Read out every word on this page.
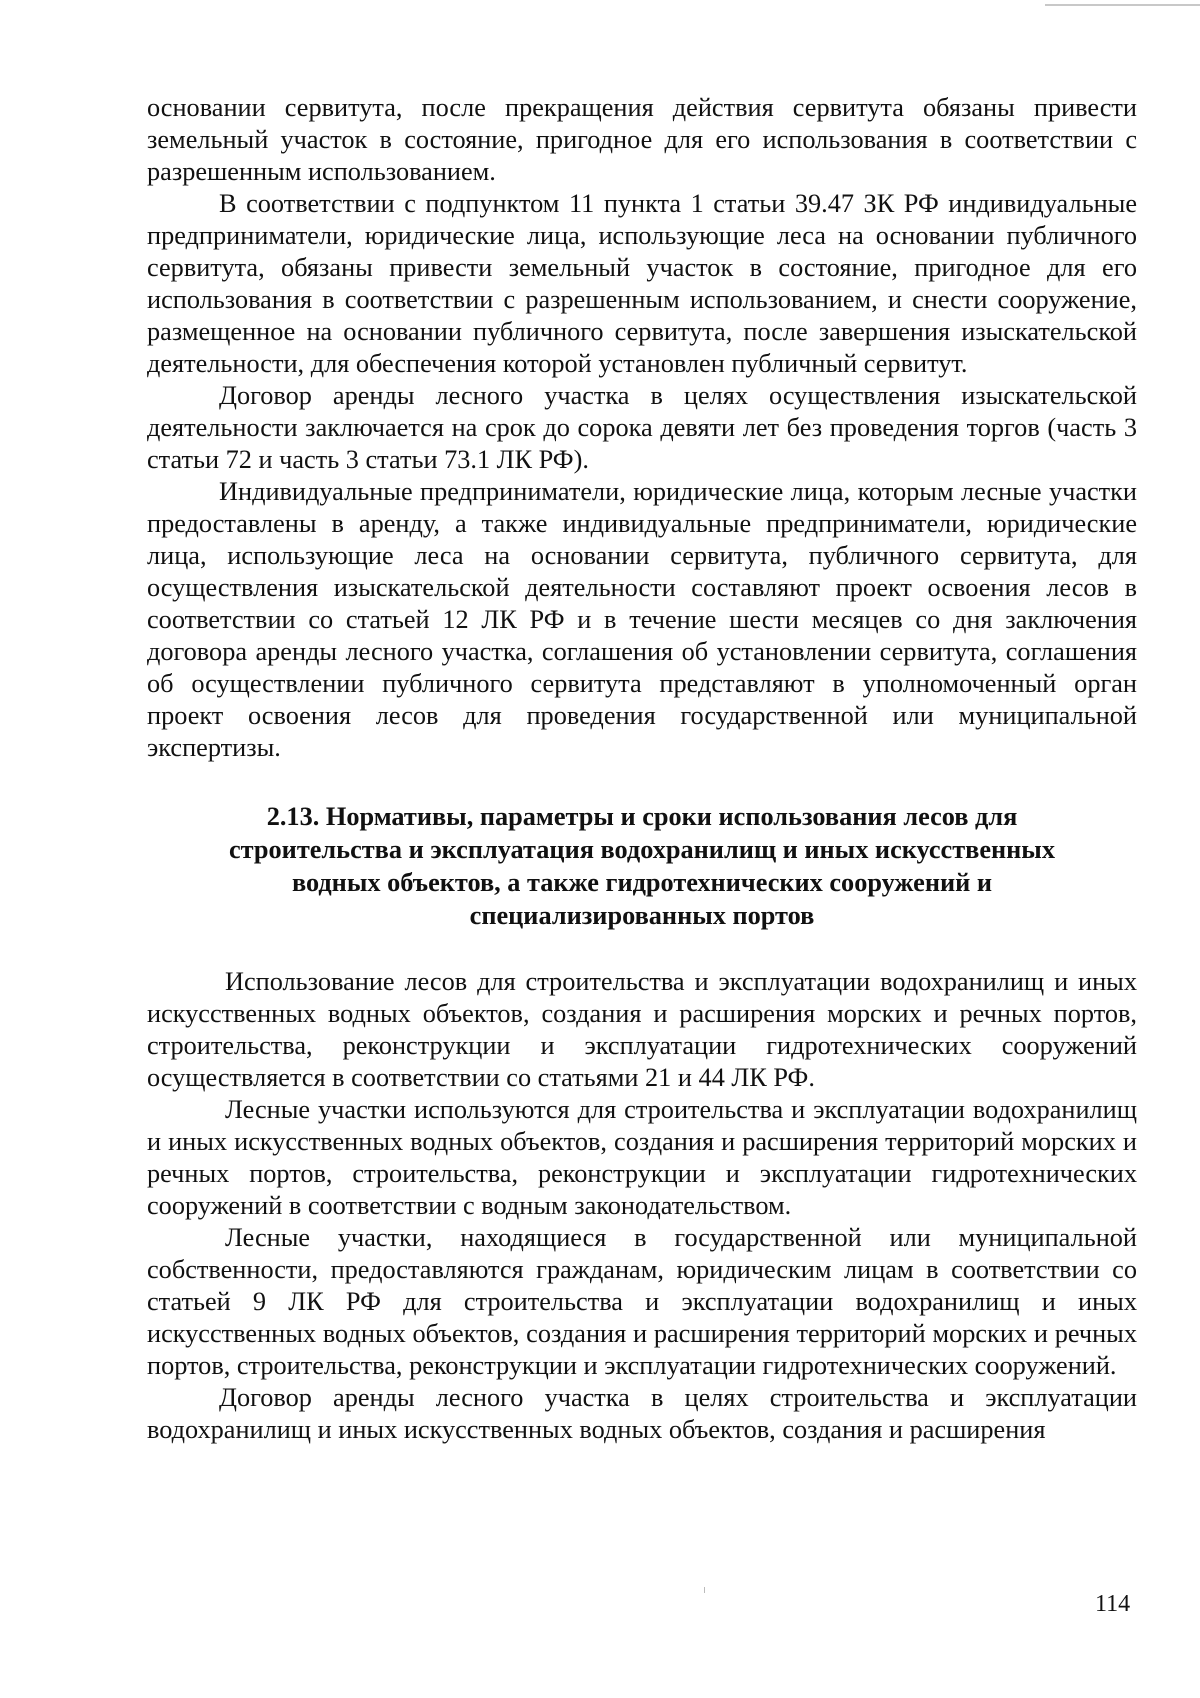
основании сервитута, после прекращения действия сервитута обязаны привести земельный участок в состояние, пригодное для его использования в соответствии с разрешенным использованием.

В соответствии с подпунктом 11 пункта 1 статьи 39.47 ЗК РФ индивидуальные предприниматели, юридические лица, использующие леса на основании публичного сервитута, обязаны привести земельный участок в состояние, пригодное для его использования в соответствии с разрешенным использованием, и снести сооружение, размещенное на основании публичного сервитута, после завершения изыскательской деятельности, для обеспечения которой установлен публичный сервитут.

Договор аренды лесного участка в целях осуществления изыскательской деятельности заключается на срок до сорока девяти лет без проведения торгов (часть 3 статьи 72 и часть 3 статьи 73.1 ЛК РФ).

Индивидуальные предприниматели, юридические лица, которым лесные участки предоставлены в аренду, а также индивидуальные предприниматели, юридические лица, использующие леса на основании сервитута, публичного сервитута, для осуществления изыскательской деятельности составляют проект освоения лесов в соответствии со статьей 12 ЛК РФ и в течение шести месяцев со дня заключения договора аренды лесного участка, соглашения об установлении сервитута, соглашения об осуществлении публичного сервитута представляют в уполномоченный орган проект освоения лесов для проведения государственной или муниципальной экспертизы.

2.13. Нормативы, параметры и сроки использования лесов для строительства и эксплуатация водохранилищ и иных искусственных водных объектов, а также гидротехнических сооружений и специализированных портов

Использование лесов для строительства и эксплуатации водохранилищ и иных искусственных водных объектов, создания и расширения морских и речных портов, строительства, реконструкции и эксплуатации гидротехнических сооружений осуществляется в соответствии со статьями 21 и 44 ЛК РФ.

Лесные участки используются для строительства и эксплуатации водохранилищ и иных искусственных водных объектов, создания и расширения территорий морских и речных портов, строительства, реконструкции и эксплуатации гидротехнических сооружений в соответствии с водным законодательством.

Лесные участки, находящиеся в государственной или муниципальной собственности, предоставляются гражданам, юридическим лицам в соответствии со статьей 9 ЛК РФ для строительства и эксплуатации водохранилищ и иных искусственных водных объектов, создания и расширения территорий морских и речных портов, строительства, реконструкции и эксплуатации гидротехнических сооружений.

Договор аренды лесного участка в целях строительства и эксплуатации водохранилищ и иных искусственных водных объектов, создания и расширения

114
